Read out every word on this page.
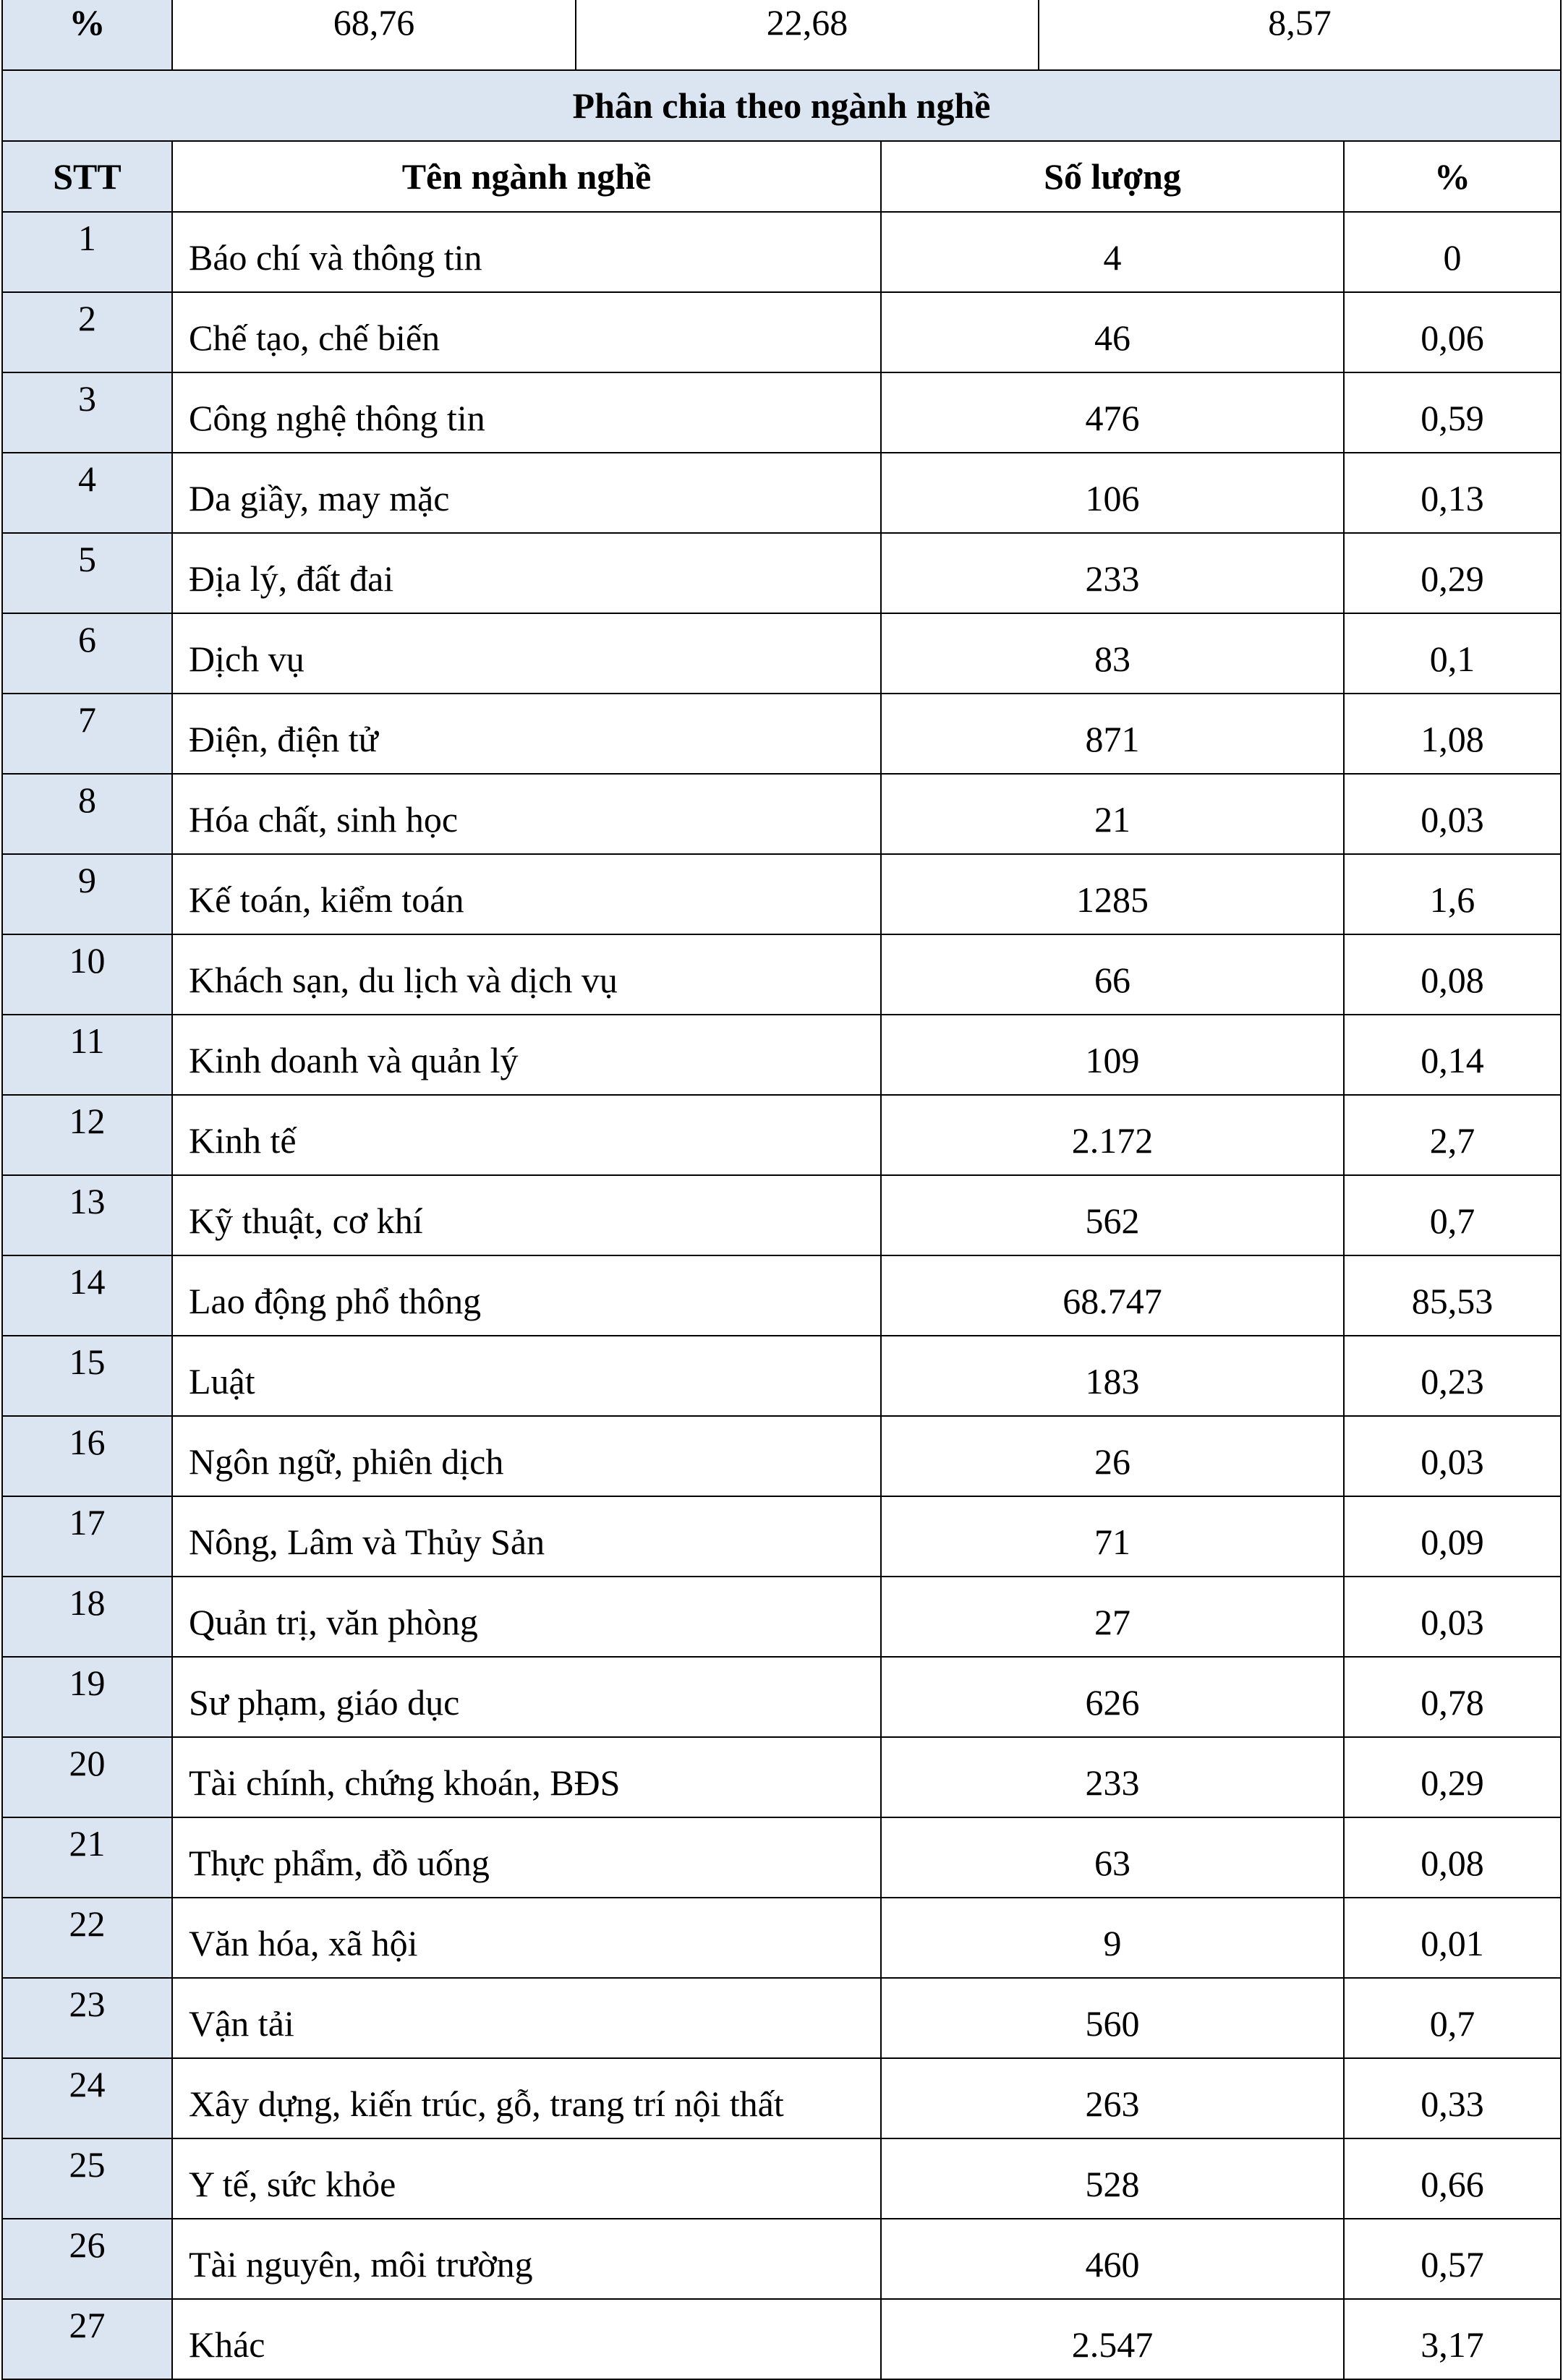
%	68,76	22,68	8,57
Phân chia theo ngành nghề			
STT	Tên ngành nghề	Số lượng	%
1	Báo chí và thông tin	4	0
2	Chế tạo, chế biến	46	0,06
3	Công nghệ thông tin	476	0,59
4	Da giầy, may mặc	106	0,13
5	Địa lý, đất đai	233	0,29
6	Dịch vụ	83	0,1
7	Điện, điện tử	871	1,08
8	Hóa chất, sinh học	21	0,03
9	Kế toán, kiểm toán	1285	1,6
10	Khách sạn, du lịch và dịch vụ	66	0,08
11	Kinh doanh và quản lý	109	0,14
12	Kinh tế	2.172	2,7
13	Kỹ thuật, cơ khí	562	0,7
14	Lao động phổ thông	68.747	85,53
15	Luật	183	0,23
16	Ngôn ngữ, phiên dịch	26	0,03
17	Nông, Lâm và Thủy Sản	71	0,09
18	Quản trị, văn phòng	27	0,03
19	Sư phạm, giáo dục	626	0,78
20	Tài chính, chứng khoán, BĐS	233	0,29
21	Thực phẩm, đồ uống	63	0,08
22	Văn hóa, xã hội	9	0,01
23	Vận tải	560	0,7
24	Xây dựng, kiến trúc, gỗ, trang trí nội thất	263	0,33
25	Y tế, sức khỏe	528	0,66
26	Tài nguyên, môi trường	460	0,57
27	Khác	2.547	3,17
